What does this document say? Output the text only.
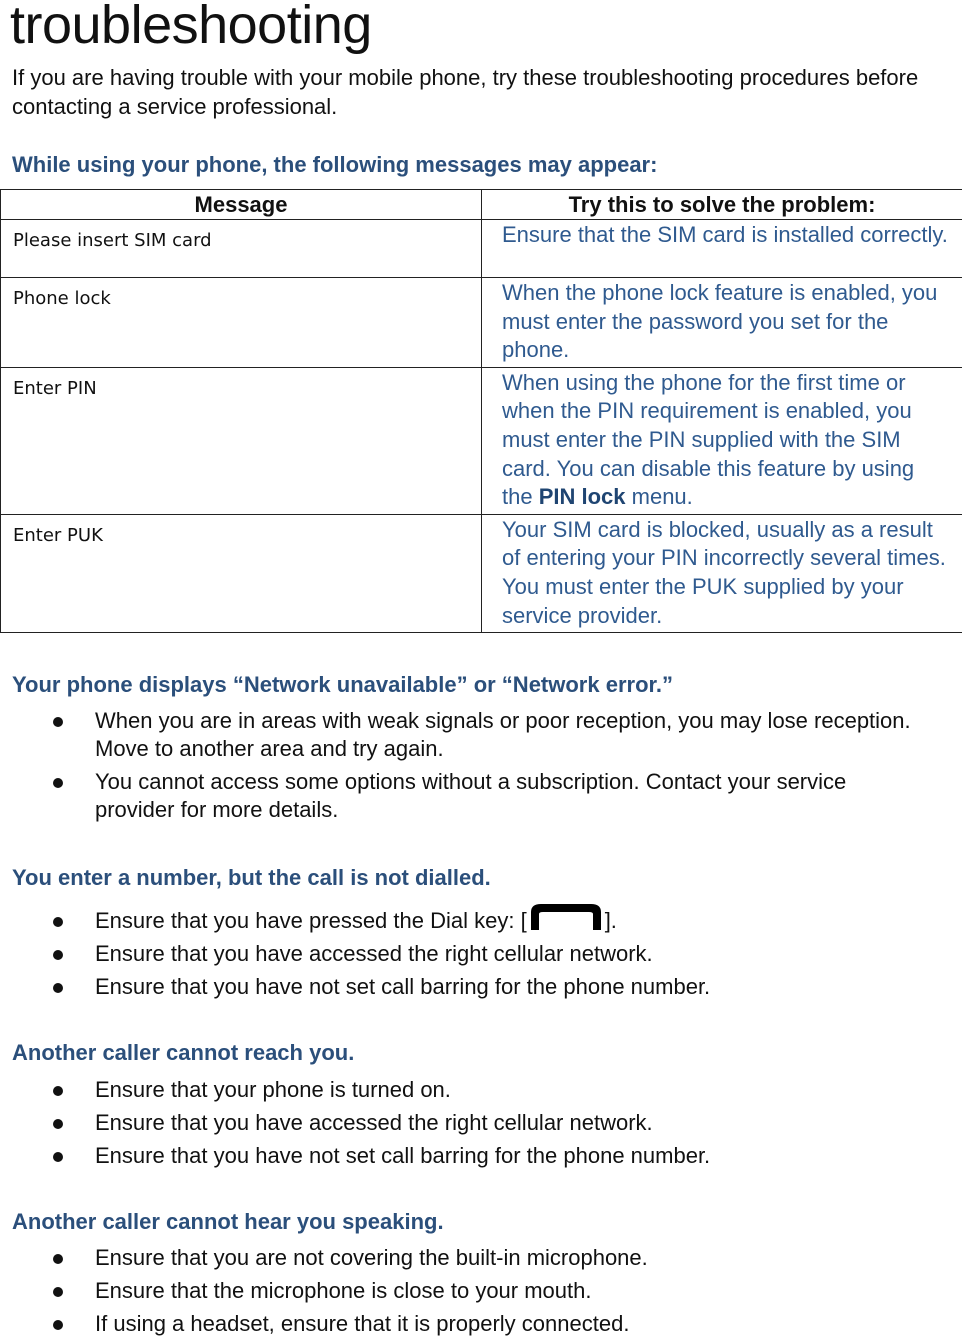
troubleshooting

If you are having trouble with your mobile phone, try these troubleshooting procedures before contacting a service professional.

While using your phone, the following messages may appear:
Message	Try this to solve the problem:
Please insert SIM card	Ensure that the SIM card is installed correctly.
Phone lock	When the phone lock feature is enabled, you must enter the password you set for the phone.
Enter PIN	When using the phone for the first time or when the PIN requirement is enabled, you must enter the PIN supplied with the SIM card. You can disable this feature by using the PIN lock menu.
Enter PUK	Your SIM card is blocked, usually as a result of entering your PIN incorrectly several times. You must enter the PUK supplied by your service provider.
Your phone displays “Network unavailable” or “Network error.”
When you are in areas with weak signals or poor reception, you may lose reception. Move to another area and try again.
You cannot access some options without a subscription. Contact your service provider for more details.
You enter a number, but the call is not dialled.
Ensure that you have pressed the Dial key: [	].
Ensure that you have accessed the right cellular network.
Ensure that you have not set call barring for the phone number.
Another caller cannot reach you.
Ensure that your phone is turned on.
Ensure that you have accessed the right cellular network.
Ensure that you have not set call barring for the phone number.
Another caller cannot hear you speaking.
Ensure that you are not covering the built-in microphone.
Ensure that the microphone is close to your mouth.
If using a headset, ensure that it is properly connected.
